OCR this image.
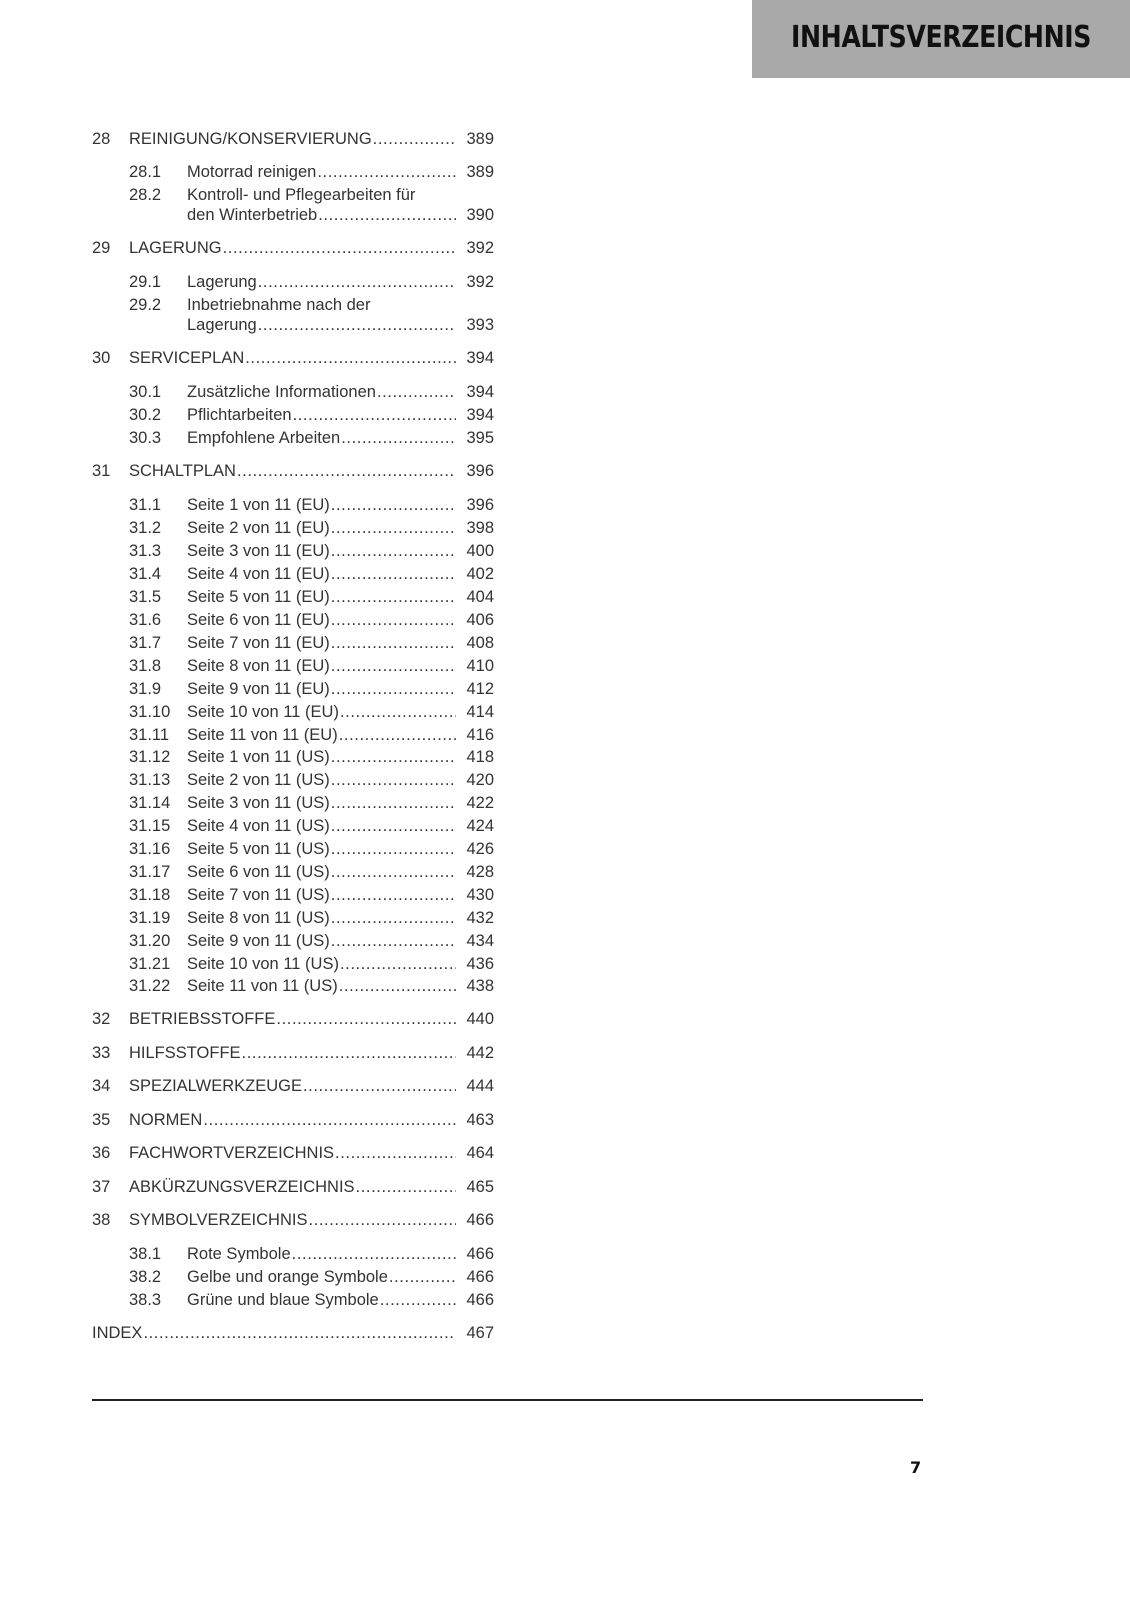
INHALTSVERZEICHNIS
28 REINIGUNG/KONSERVIERUNG .....	389
28.1 Motorrad reinigen .....	389
28.2 Kontroll- und Pflegearbeiten für
den Winterbetrieb .....	390
29 LAGERUNG .....	392
29.1 Lagerung .....	392
29.2 Inbetriebnahme nach der
Lagerung .....	393
30 SERVICEPLAN .....	394
30.1 Zusätzliche Informationen .....	394
30.2 Pflichtarbeiten .....	394
30.3 Empfohlene Arbeiten .....	395
31 SCHALTPLAN .....	396
31.1 Seite 1 von 11 (EU) .....	396
31.2 Seite 2 von 11 (EU) .....	398
31.3 Seite 3 von 11 (EU) .....	400
31.4 Seite 4 von 11 (EU) .....	402
31.5 Seite 5 von 11 (EU) .....	404
31.6 Seite 6 von 11 (EU) .....	406
31.7 Seite 7 von 11 (EU) .....	408
31.8 Seite 8 von 11 (EU) .....	410
31.9 Seite 9 von 11 (EU) .....	412
31.10 Seite 10 von 11 (EU) .....	414
31.11 Seite 11 von 11 (EU) .....	416
31.12 Seite 1 von 11 (US) .....	418
31.13 Seite 2 von 11 (US) .....	420
31.14 Seite 3 von 11 (US) .....	422
31.15 Seite 4 von 11 (US) .....	424
31.16 Seite 5 von 11 (US) .....	426
31.17 Seite 6 von 11 (US) .....	428
31.18 Seite 7 von 11 (US) .....	430
31.19 Seite 8 von 11 (US) .....	432
31.20 Seite 9 von 11 (US) .....	434
31.21 Seite 10 von 11 (US) .....	436
31.22 Seite 11 von 11 (US) .....	438
32 BETRIEBSSTOFFE .....	440
33 HILFSSTOFFE .....	442
34 SPEZIALWERKZEUGE .....	444
35 NORMEN .....	463
36 FACHWORTVERZEICHNIS .....	464
37 ABKÜRZUNGSVERZEICHNIS .....	465
38 SYMBOLVERZEICHNIS .....	466
38.1 Rote Symbole .....	466
38.2 Gelbe und orange Symbole .....	466
38.3 Grüne und blaue Symbole .....	466
INDEX .....	467
7
